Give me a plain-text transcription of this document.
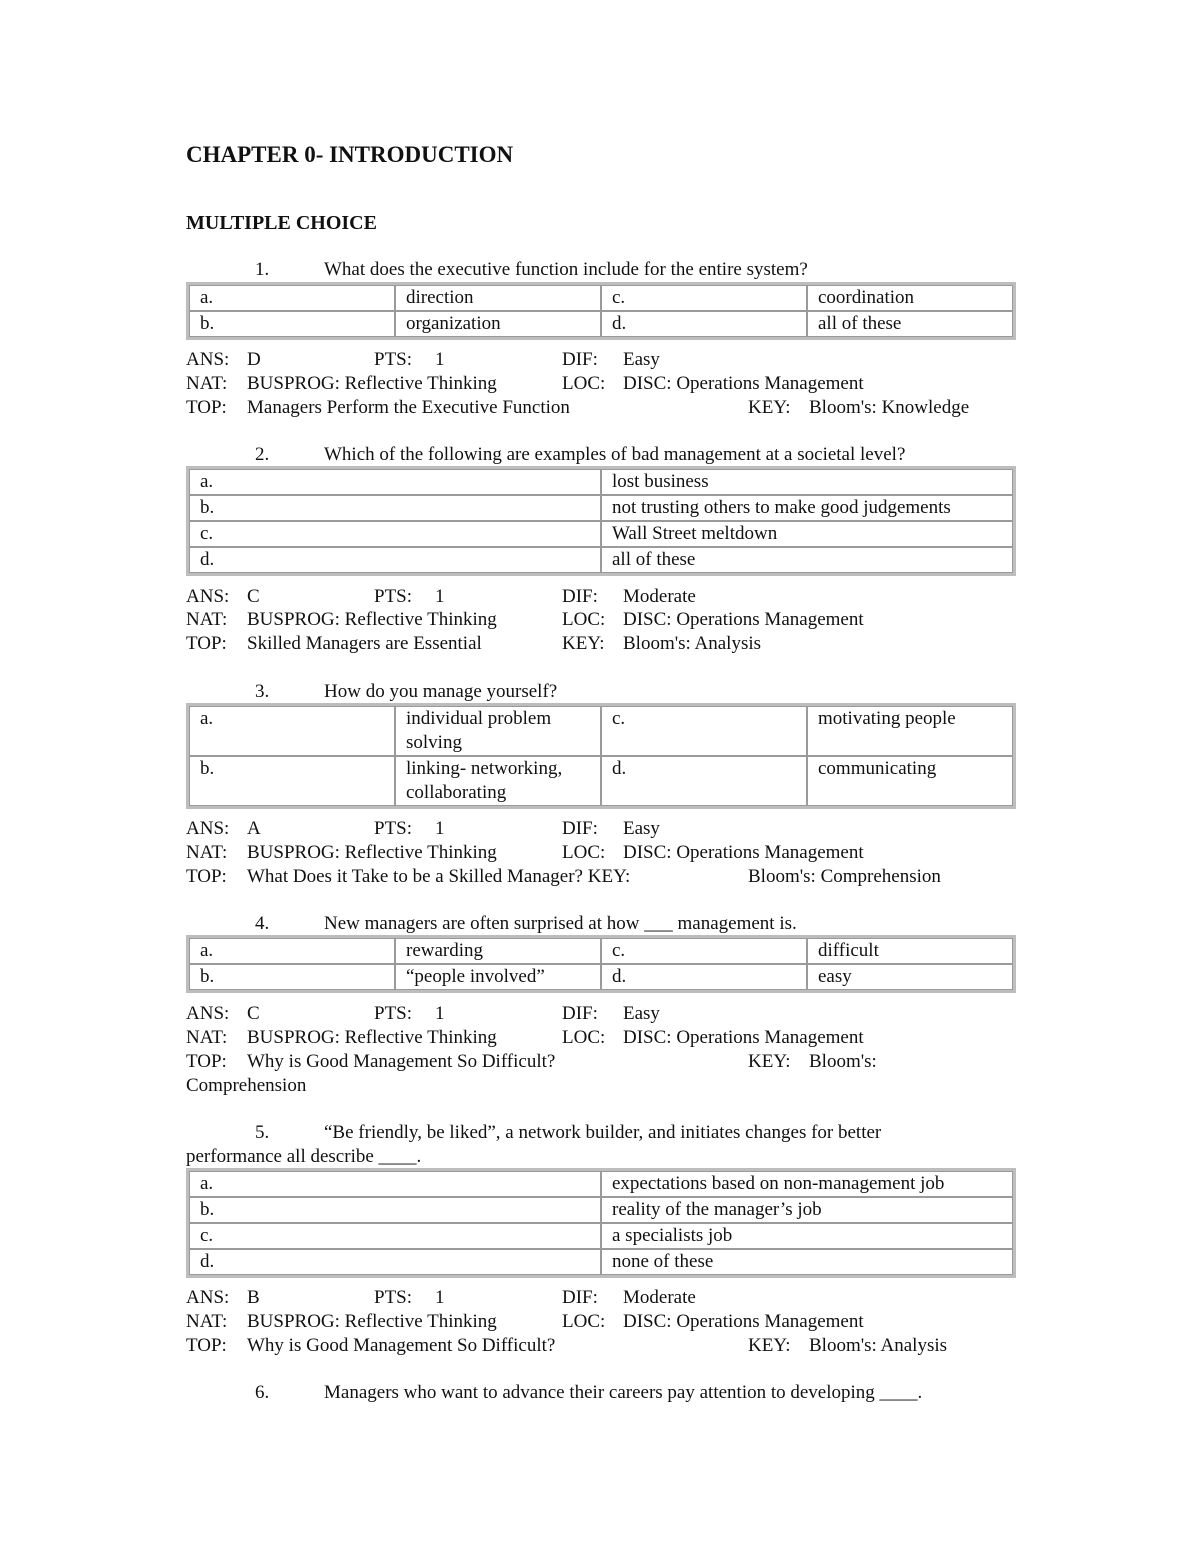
CHAPTER 0- INTRODUCTION
MULTIPLE CHOICE
1.	What does the executive function include for the entire system?
a.	direction	c.	coordination
b.	organization	d.	all of these
ANS: D	PTS: 1	DIF: Easy
NAT: BUSPROG: Reflective Thinking	LOC: DISC: Operations Management
TOP: Managers Perform the Executive Function	KEY: Bloom's: Knowledge
2.	Which of the following are examples of bad management at a societal level?
a.	lost business
b.	not trusting others to make good judgements
c.	Wall Street meltdown
d.	all of these
ANS: C	PTS: 1	DIF: Moderate
NAT: BUSPROG: Reflective Thinking	LOC: DISC: Operations Management
TOP: Skilled Managers are Essential	KEY: Bloom's: Analysis
3.	How do you manage yourself?
a.	individual problem solving	c.	motivating people
b.	linking- networking, collaborating	d.	communicating
ANS: A	PTS: 1	DIF: Easy
NAT: BUSPROG: Reflective Thinking	LOC: DISC: Operations Management
TOP: What Does it Take to be a Skilled Manager? KEY:	Bloom's: Comprehension
4.	New managers are often surprised at how ___ management is.
a.	rewarding	c.	difficult
b.	“people involved”	d.	easy
ANS: C	PTS: 1	DIF: Easy
NAT: BUSPROG: Reflective Thinking	LOC: DISC: Operations Management
TOP: Why is Good Management So Difficult?	KEY: Bloom's:
Comprehension
5.	“Be friendly, be liked”, a network builder, and initiates changes for better
performance all describe ____.
a.	expectations based on non-management job
b.	reality of the manager’s job
c.	a specialists job
d.	none of these
ANS: B	PTS: 1	DIF: Moderate
NAT: BUSPROG: Reflective Thinking	LOC: DISC: Operations Management
TOP: Why is Good Management So Difficult?	KEY: Bloom's: Analysis
6.	Managers who want to advance their careers pay attention to developing ____.
